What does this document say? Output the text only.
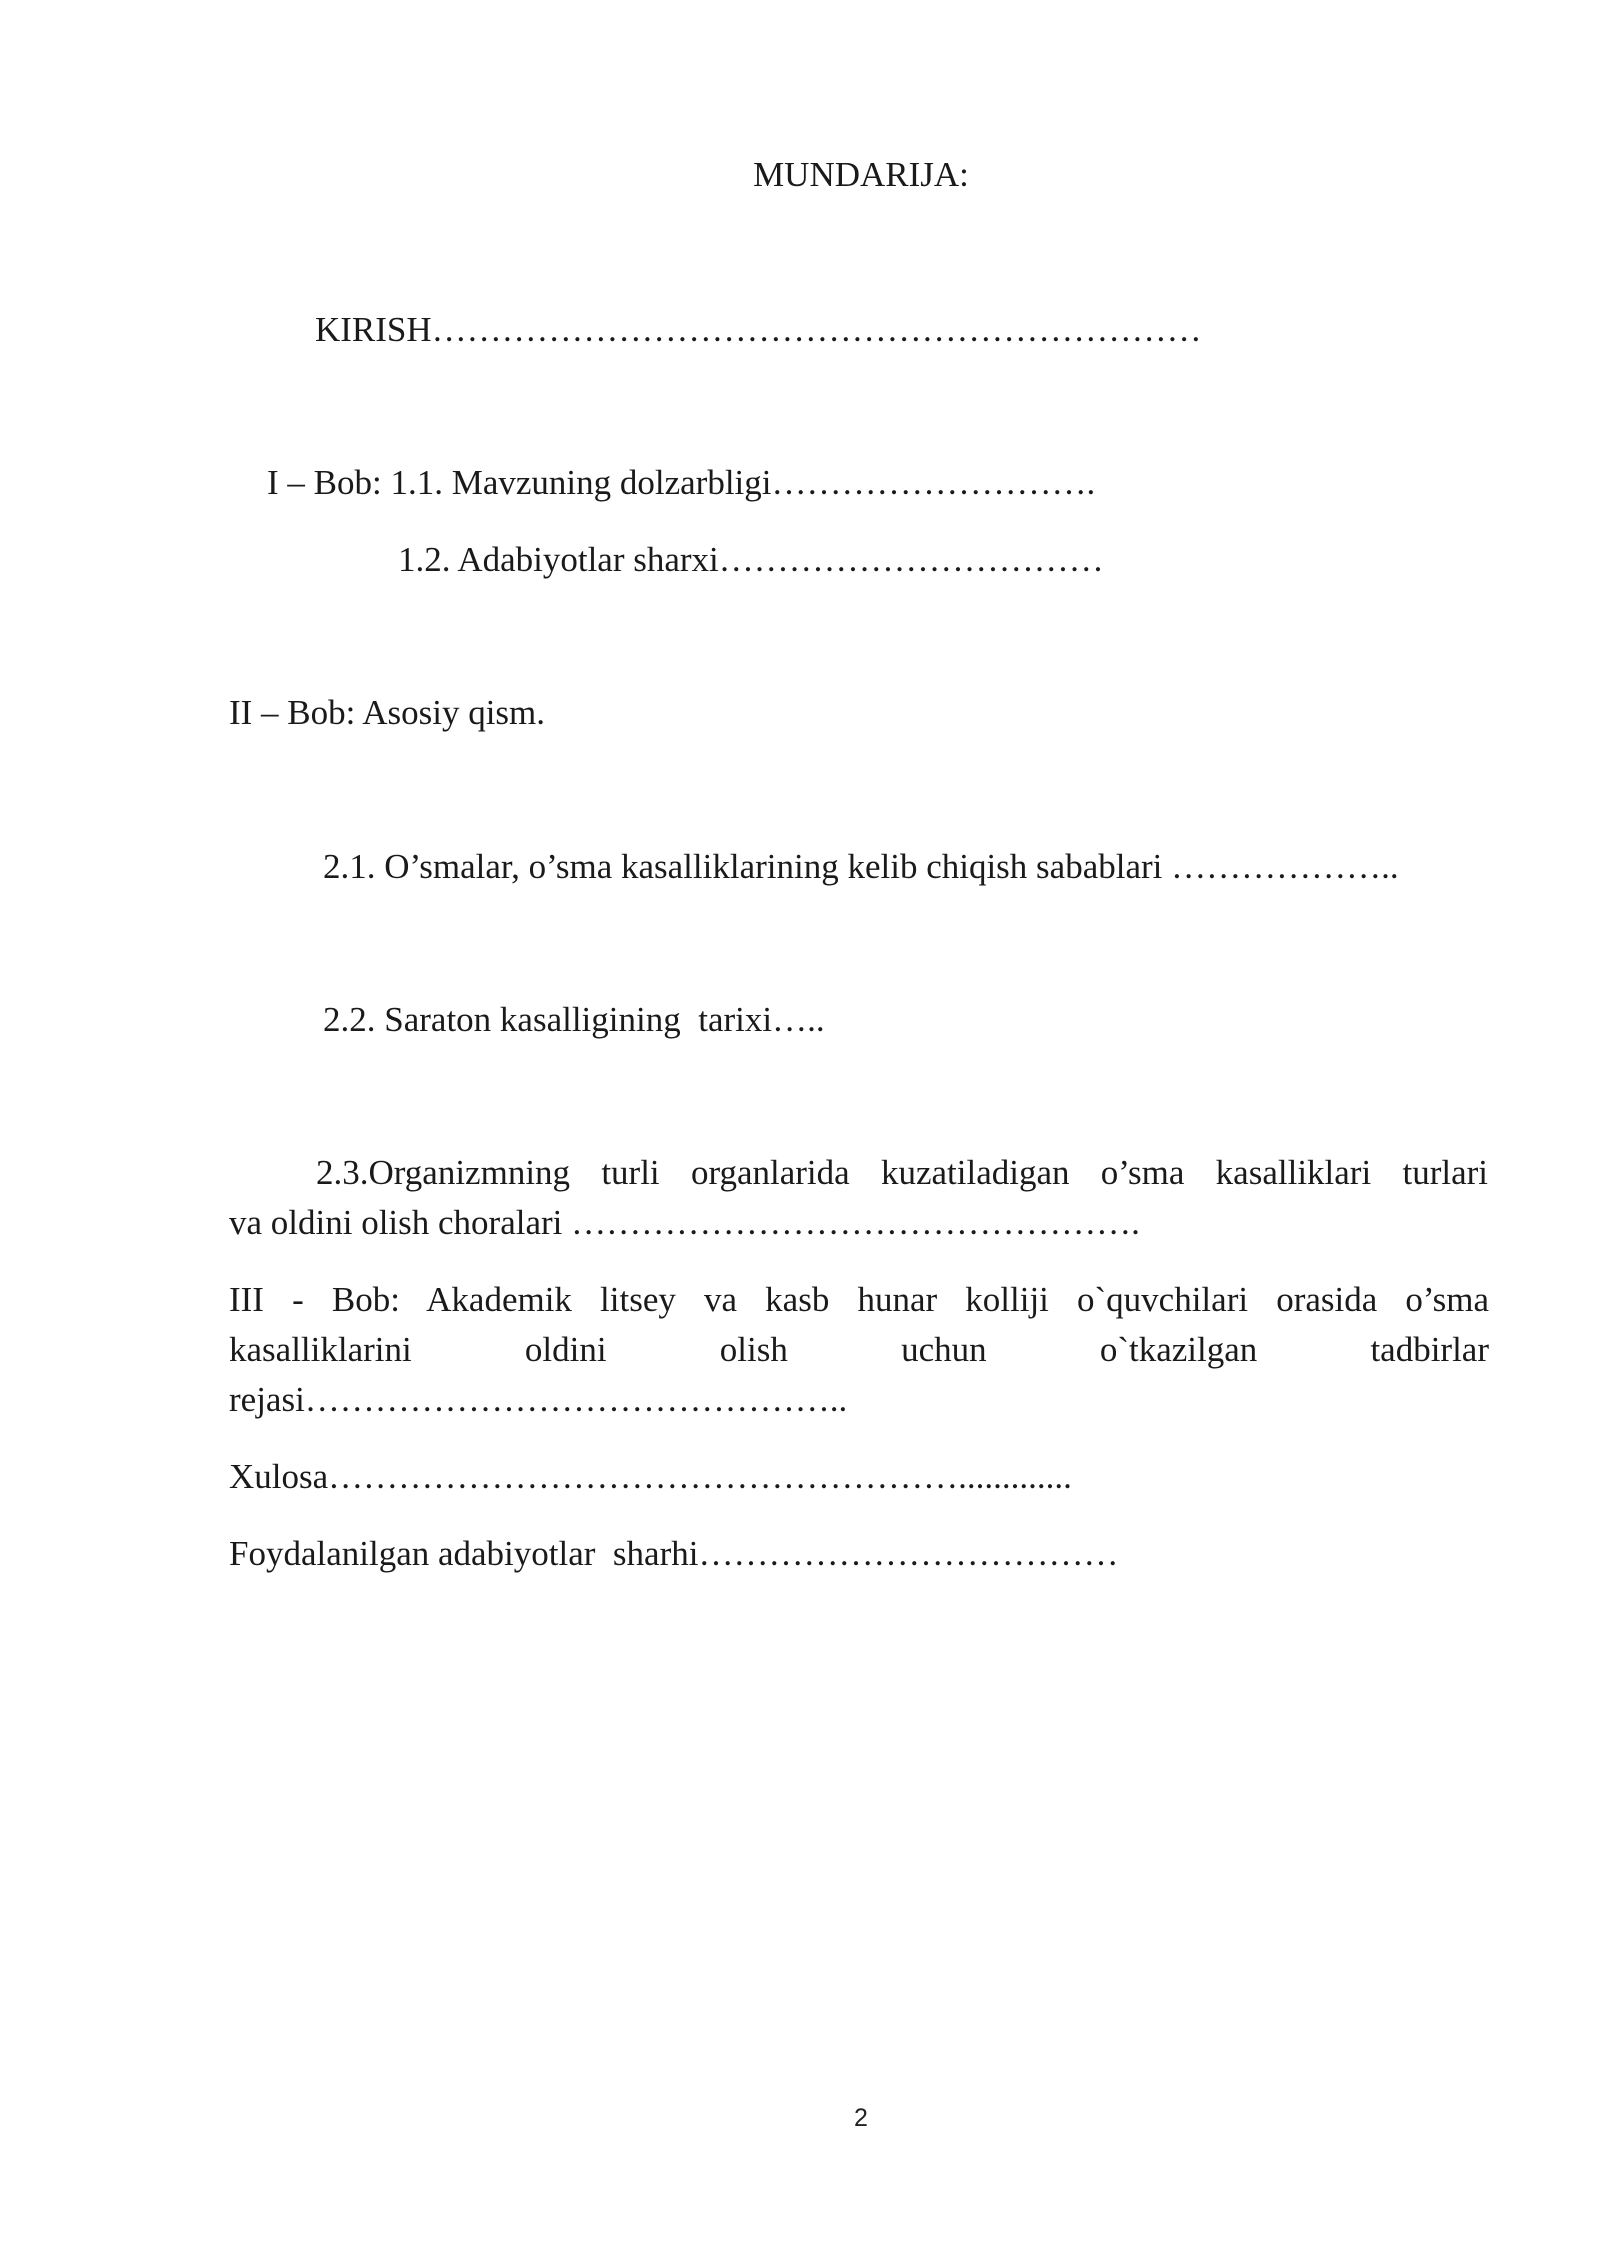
MUNDARIJA:
KIRISH…………………………………………………………
I – Bob: 1.1. Mavzuning dolzarbligi……………………….
1.2. Adabiyotlar sharxi……………………………
II – Bob: Asosiy qism.
2.1. O’smalar, o’sma kasalliklarining kelib chiqish sabablari ………………..
2.2. Saraton kasalligining  tarixi…..
2.3.Organizmning turli organlarida kuzatiladigan o’sma kasalliklari turlari
va oldini olish choralari ………………………………………….
III - Bob: Akademik litsey va kasb hunar kolliji o`quvchilari orasida o’sma
kasalliklarini oldini olish uchun o`tkazilgan tadbirlar
rejasi………………………………………..
Xulosa……………………………………………….............
Foydalanilgan adabiyotlar  sharhi………………………………
2
